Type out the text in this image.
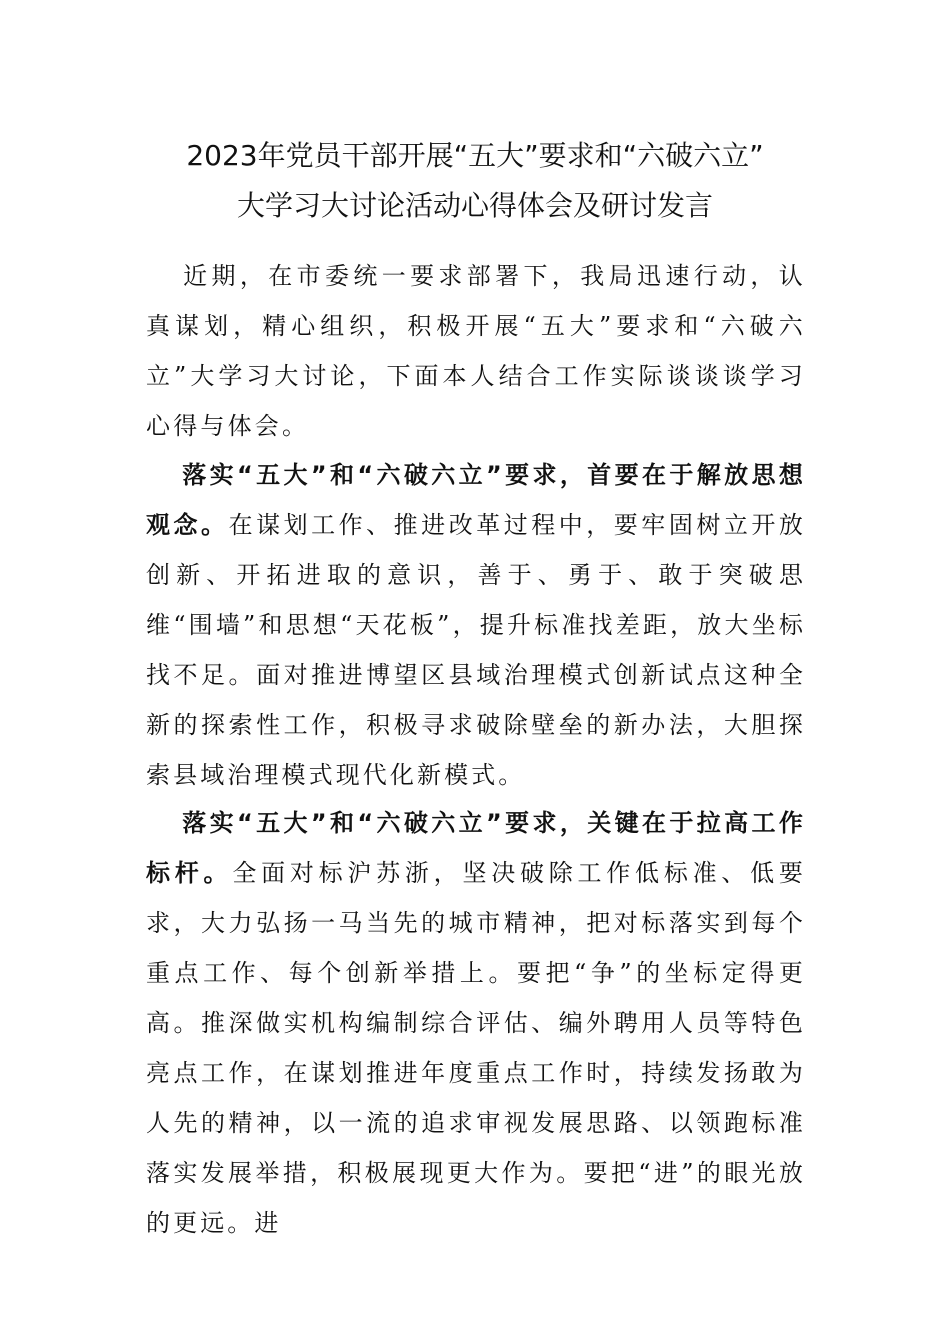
2023年党员干部开展“五大”要求和“六破六立”
大学习大讨论活动心得体会及研讨发言

近期，在市委统一要求部署下，我局迅速行动，认真谋划，精心组织，积极开展“五大”要求和“六破六立”大学习大讨论，下面本人结合工作实际谈谈谈学习心得与体会。

落实“五大”和“六破六立”要求，首要在于解放思想观念。在谋划工作、推进改革过程中，要牢固树立开放创新、开拓进取的意识，善于、勇于、敢于突破思维“围墙”和思想“天花板”，提升标准找差距，放大坐标找不足。面对推进博望区县域治理模式创新试点这种全新的探索性工作，积极寻求破除壁垒的新办法，大胆探索县域治理模式现代化新模式。

落实“五大”和“六破六立”要求，关键在于拉高工作标杆。全面对标沪苏浙，坚决破除工作低标准、低要求，大力弘扬一马当先的城市精神，把对标落实到每个重点工作、每个创新举措上。要把“争”的坐标定得更高。推深做实机构编制综合评估、编外聘用人员等特色亮点工作，在谋划推进年度重点工作时，持续发扬敢为人先的精神，以一流的追求审视发展思路、以领跑标准落实发展举措，积极展现更大作为。要把“进”的眼光放的更远。进
